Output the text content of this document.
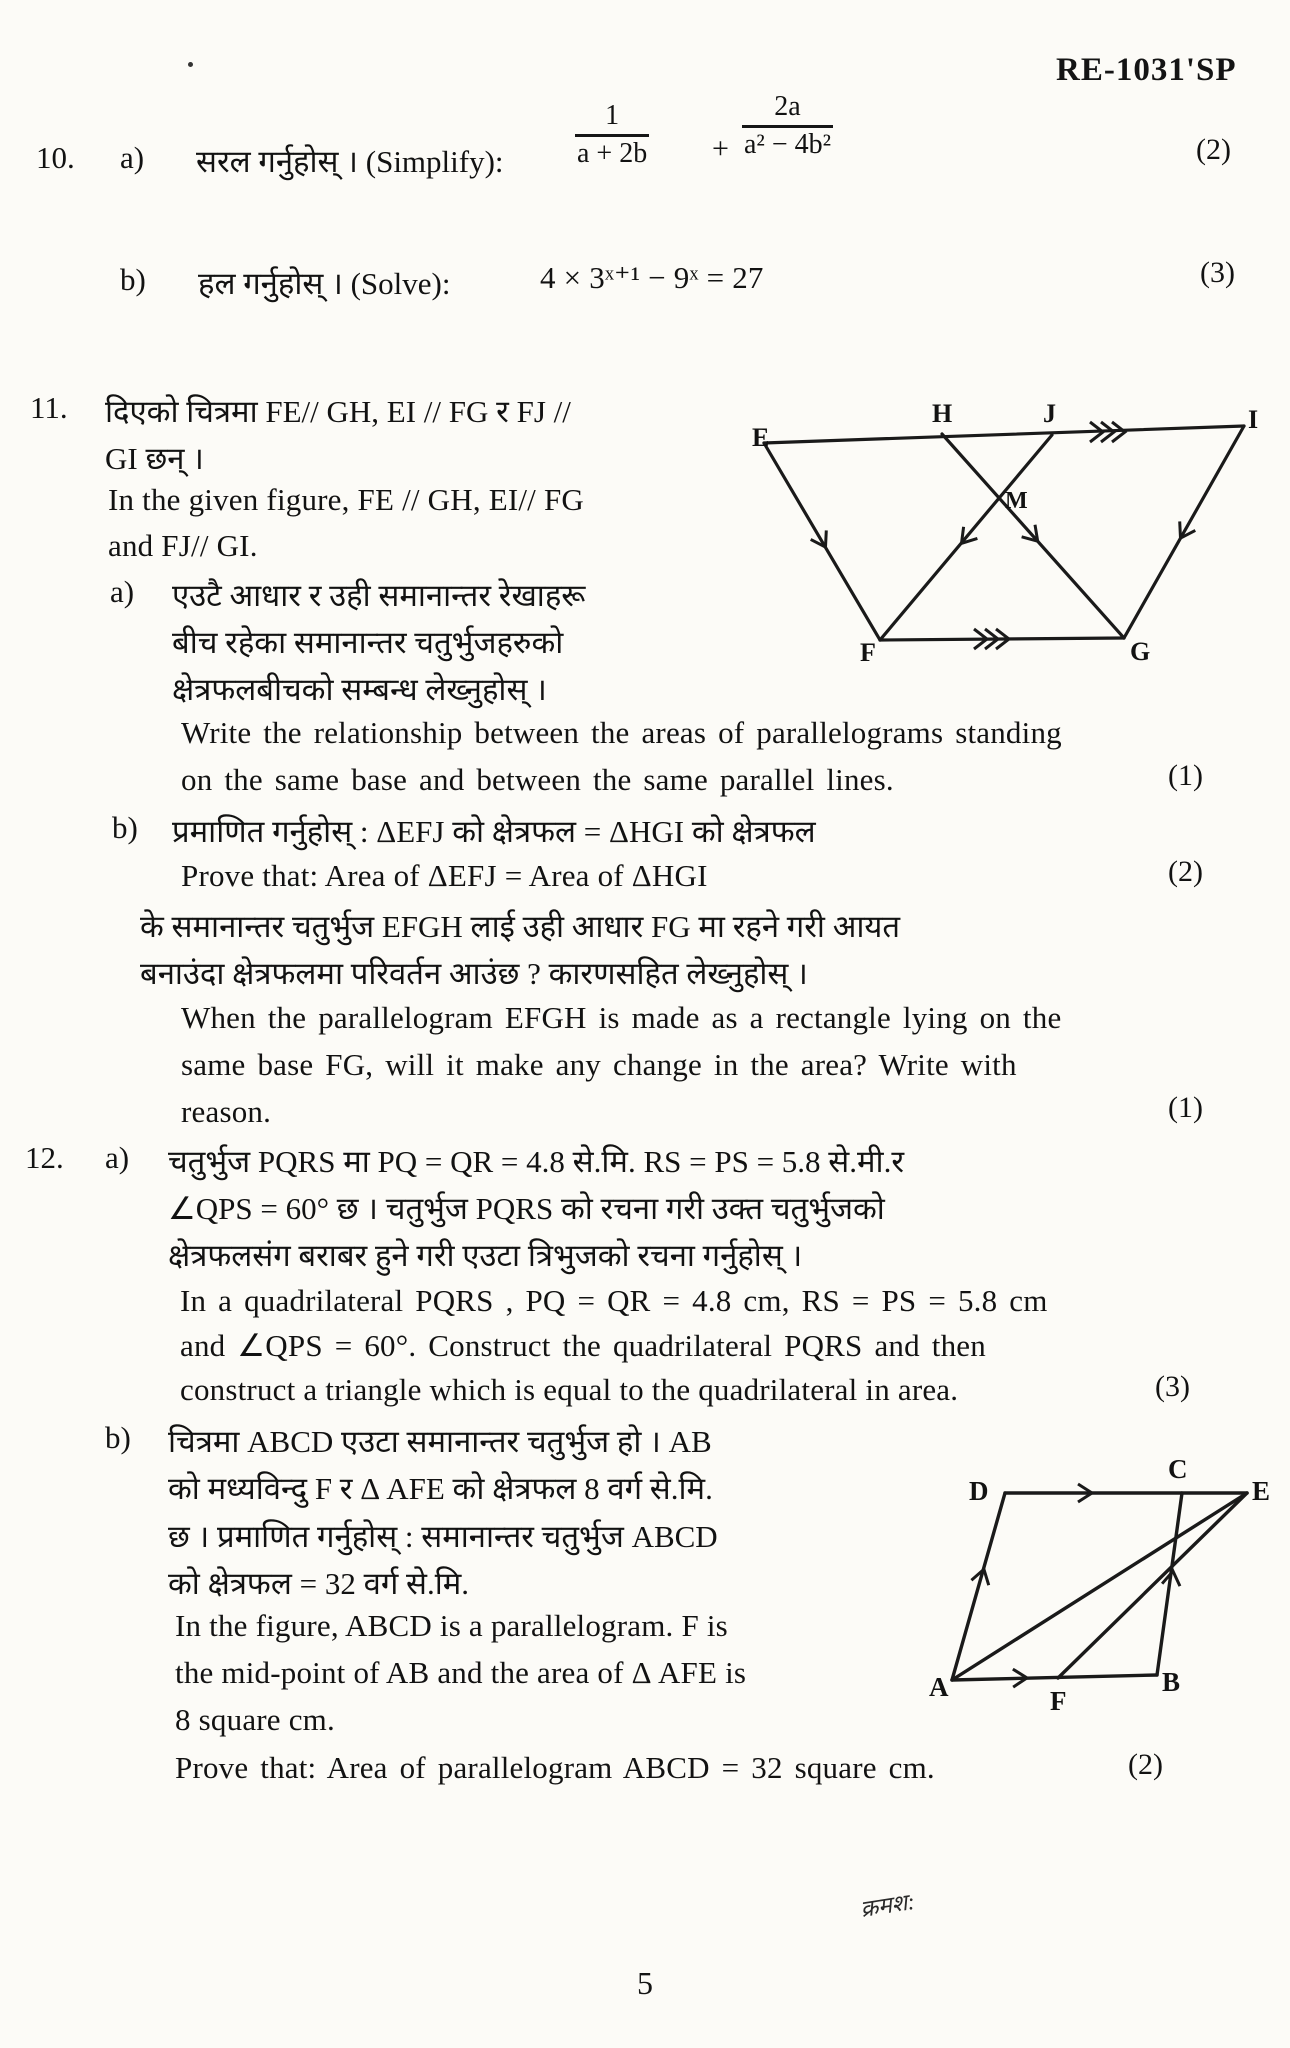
RE-1031'SP
10. a) सरल गर्नुहोस् । (Simplify):	$\frac{1}{a + 2b} + \frac{2a}{\text{a² − 4b²}}$	(2)
b) हल गर्नुहोस् । (Solve):	4 × 3ˣ⁺¹ − 9ˣ = 27	(3)
11. दिएको चित्रमा FE// GH, EI // FG र FJ //
GI छन् ।
In the given figure, FE // GH, EI// FG
and FJ// GI.
a) एउटै आधार र उही समानान्तर रेखाहरू
बीच रहेका समानान्तर चतुर्भुजहरुको
क्षेत्रफलबीचको सम्बन्ध लेख्नुहोस् ।
Write the relationship between the areas of parallelograms standing
on the same base and between the same parallel lines.	(1)
b) प्रमाणित गर्नुहोस् : ΔEFJ को क्षेत्रफल = ΔHGI को क्षेत्रफल
Prove that: Area of ΔEFJ = Area of ΔHGI	(2)
के समानान्तर चतुर्भुज EFGH लाई उही आधार FG मा रहने गरी आयत
बनाउंदा क्षेत्रफलमा परिवर्तन आउंछ ? कारणसहित लेख्नुहोस् ।
When the parallelogram EFGH is made as a rectangle lying on the
same base FG, will it make any change in the area? Write with
reason.	(1)
E
H	J	I
M
F	G
12. a) चतुर्भुज PQRS मा PQ = QR = 4.8 से.मि. RS = PS = 5.8 से.मी.र
∠QPS = 60° छ । चतुर्भुज PQRS को रचना गरी उक्त चतुर्भुजको
क्षेत्रफलसंग बराबर हुने गरी एउटा त्रिभुजको रचना गर्नुहोस् ।
In a quadrilateral PQRS , PQ = QR = 4.8 cm, RS = PS = 5.8 cm
and ∠QPS = 60°. Construct the quadrilateral PQRS and then
construct a triangle which is equal to the quadrilateral in area.	(3)
b) चित्रमा ABCD एउटा समानान्तर चतुर्भुज हो । AB
को मध्यविन्दु F र Δ AFE को क्षेत्रफल 8 वर्ग से.मि.
छ । प्रमाणित गर्नुहोस् : समानान्तर चतुर्भुज ABCD
को क्षेत्रफल = 32 वर्ग से.मि.
In the figure, ABCD is a parallelogram. F is
the mid-point of AB and the area of Δ AFE is
8 square cm.
Prove that: Area of parallelogram ABCD = 32 square cm.	(2)
D
C
E
A	B
F
क्रमश:
5
